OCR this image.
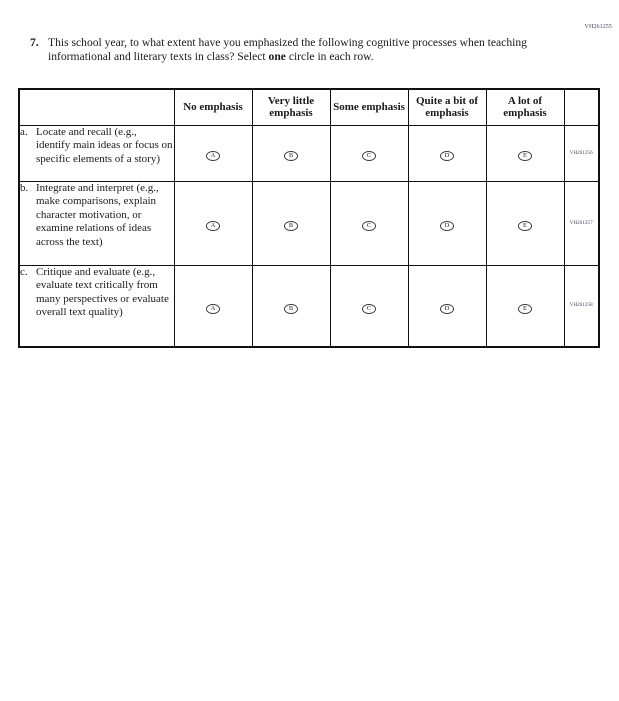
VH261255
7. This school year, to what extent have you emphasized the following cognitive processes when teaching informational and literary texts in class? Select one circle in each row.
	No emphasis	Very little emphasis	Some emphasis	Quite a bit of emphasis	A lot of emphasis	

a. Locate and recall (e.g., identify main ideas or focus on specific elements of a story)	A	B	C	D	E	VH261256

b. Integrate and interpret (e.g., make comparisons, explain character motivation, or examine relations of ideas across the text)	A	B	C	D	E	VH261257

c. Critique and evaluate (e.g., evaluate text critically from many perspectives or evaluate overall text quality)	A	B	C	D	E	VH261258
